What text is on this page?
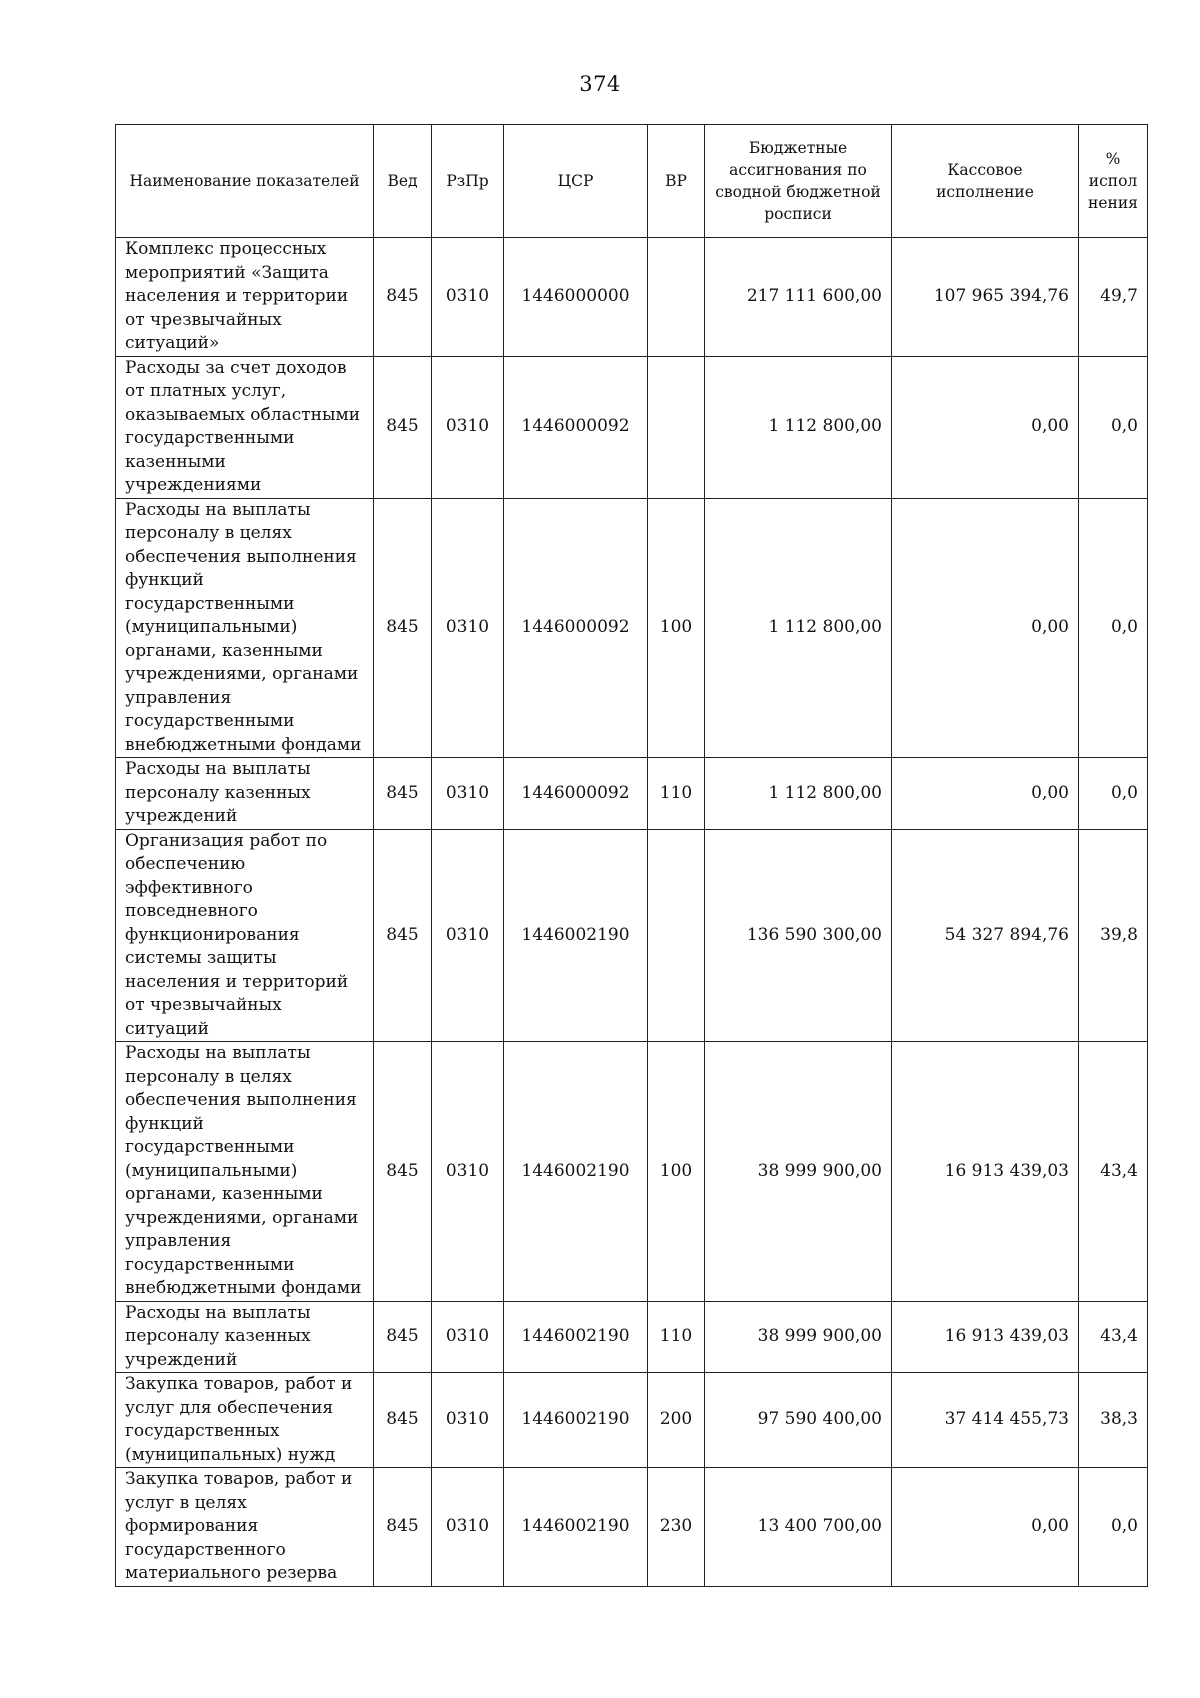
374
Наименование показателей	Вед	РзПр	ЦСР	ВР	Бюджетные ассигнования по сводной бюджетной росписи	Кассовое исполнение	% испол нения
Комплекс процессных мероприятий «Защита населения и территории от чрезвычайных ситуаций»	845	0310	1446000000		217 111 600,00	107 965 394,76	49,7
Расходы за счет доходов от платных услуг, оказываемых областными государственными казенными учреждениями	845	0310	1446000092		1 112 800,00	0,00	0,0
Расходы на выплаты персоналу в целях обеспечения выполнения функций государственными (муниципальными) органами, казенными учреждениями, органами управления государственными внебюджетными фондами	845	0310	1446000092	100	1 112 800,00	0,00	0,0
Расходы на выплаты персоналу казенных учреждений	845	0310	1446000092	110	1 112 800,00	0,00	0,0
Организация работ по обеспечению эффективного повседневного функционирования системы защиты населения и территорий от чрезвычайных ситуаций	845	0310	1446002190		136 590 300,00	54 327 894,76	39,8
Расходы на выплаты персоналу в целях обеспечения выполнения функций государственными (муниципальными) органами, казенными учреждениями, органами управления государственными внебюджетными фондами	845	0310	1446002190	100	38 999 900,00	16 913 439,03	43,4
Расходы на выплаты персоналу казенных учреждений	845	0310	1446002190	110	38 999 900,00	16 913 439,03	43,4
Закупка товаров, работ и услуг для обеспечения государственных (муниципальных) нужд	845	0310	1446002190	200	97 590 400,00	37 414 455,73	38,3
Закупка товаров, работ и услуг в целях формирования государственного материального резерва	845	0310	1446002190	230	13 400 700,00	0,00	0,0
